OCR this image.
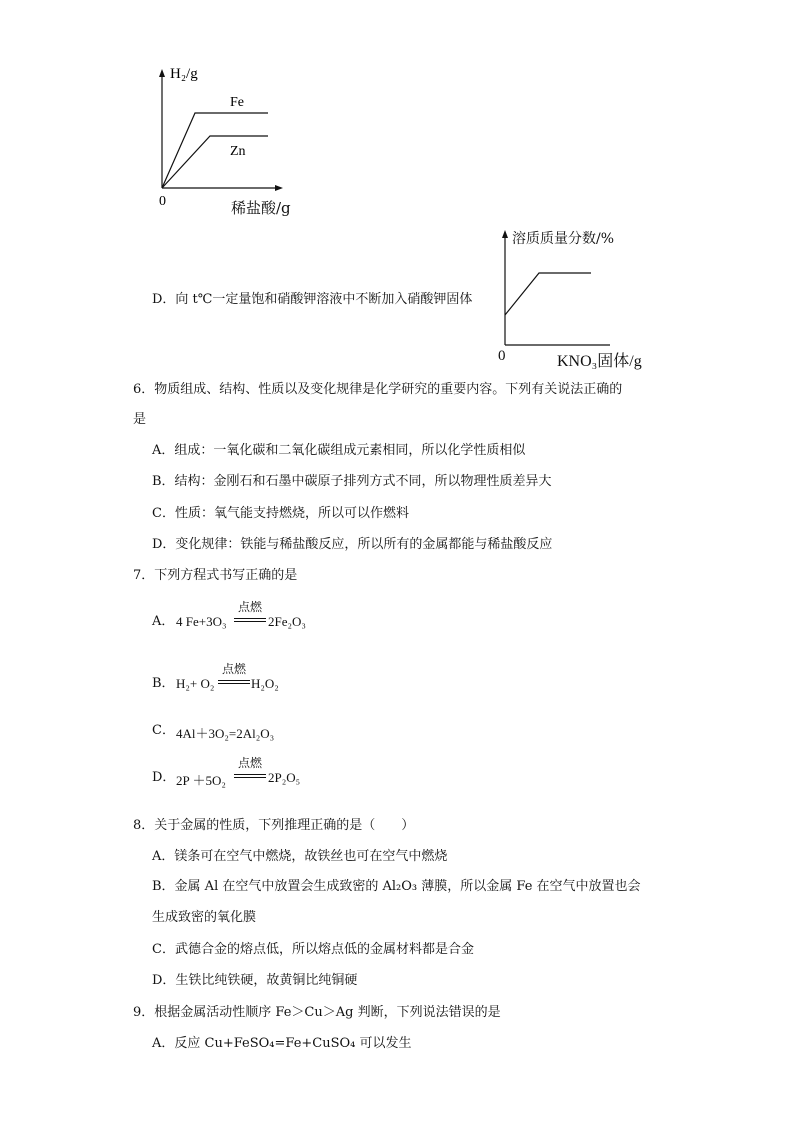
H₂/g
Fe
Zn
0	稀盐酸/g
D．向 t℃一定量饱和硝酸钾溶液中不断加入硝酸钾固体
溶质质量分数/%
0	KNO₃固体/g
6．物质组成、结构、性质以及变化规律是化学研究的重要内容。下列有关说法正确的
是
A．组成：一氧化碳和二氧化碳组成元素相同，所以化学性质相似
B．结构：金刚石和石墨中碳原子排列方式不同，所以物理性质差异大
C．性质：氧气能支持燃烧，所以可以作燃料
D．变化规律：铁能与稀盐酸反应，所以所有的金属都能与稀盐酸反应
7．下列方程式书写正确的是
A． 4 Fe+3O₃
点燃
2Fe₂O₃
B． H₂+ O₂
点燃
H₂O₂
C． 4Al＋3O₂=2Al₂O₃
D． 2P ＋5O₂
点燃
2P₂O₅
8．关于金属的性质，下列推理正确的是（　　）
A．镁条可在空气中燃烧，故铁丝也可在空气中燃烧
B．金属 Al 在空气中放置会生成致密的 Al₂O₃ 薄膜，所以金属 Fe 在空气中放置也会
生成致密的氧化膜
C．武德合金的熔点低，所以熔点低的金属材料都是合金
D．生铁比纯铁硬，故黄铜比纯铜硬
9．根据金属活动性顺序 Fe＞Cu＞Ag 判断，下列说法错误的是
A．反应 Cu+FeSO₄=Fe+CuSO₄ 可以发生
